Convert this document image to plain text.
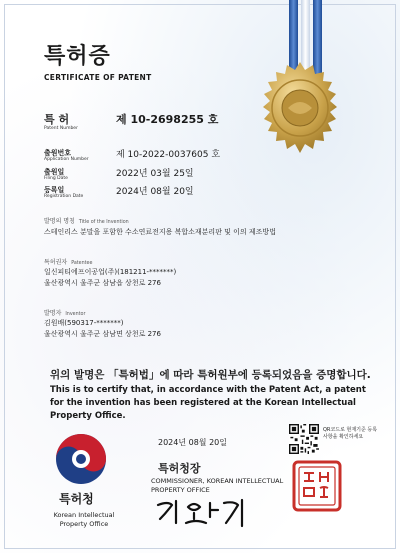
특허증
CERTIFICATE OF PATENT
특 허
Patent Number
제 10-2698255 호
출원번호
Application Number	제 10-2022-0037605 호
출원일
Filing Date	2022년 03월 25일
등록일
Registration Date	2024년 08월 20일
발명의 명칭 Title of the Invention
스테인리스 분말을 포함한 수소연료전지용 복합소재분리판 및 이의 제조방법
특허권자 Patentee
일신피티에프이공업(주)(181211-*******)
울산광역시 울주군 삼남읍 상천로 276
발명자 Inventor
김원배(590317-*******)
울산광역시 울주군 삼남면 상천로 276
위의 발명은 「특허법」에 따라 특허원부에 등록되었음을 증명합니다.
This is to certify that, in accordance with the Patent Act, a patent for the invention has been registered at the Korean Intellectual Property Office.
특허청
Korean Intellectual Property Office
2024년 08월 20일
특허청장
COMMISSIONER, KOREAN INTELLECTUAL PROPERTY OFFICE
QR코드로 현재기준 등록사항을 확인하세요
